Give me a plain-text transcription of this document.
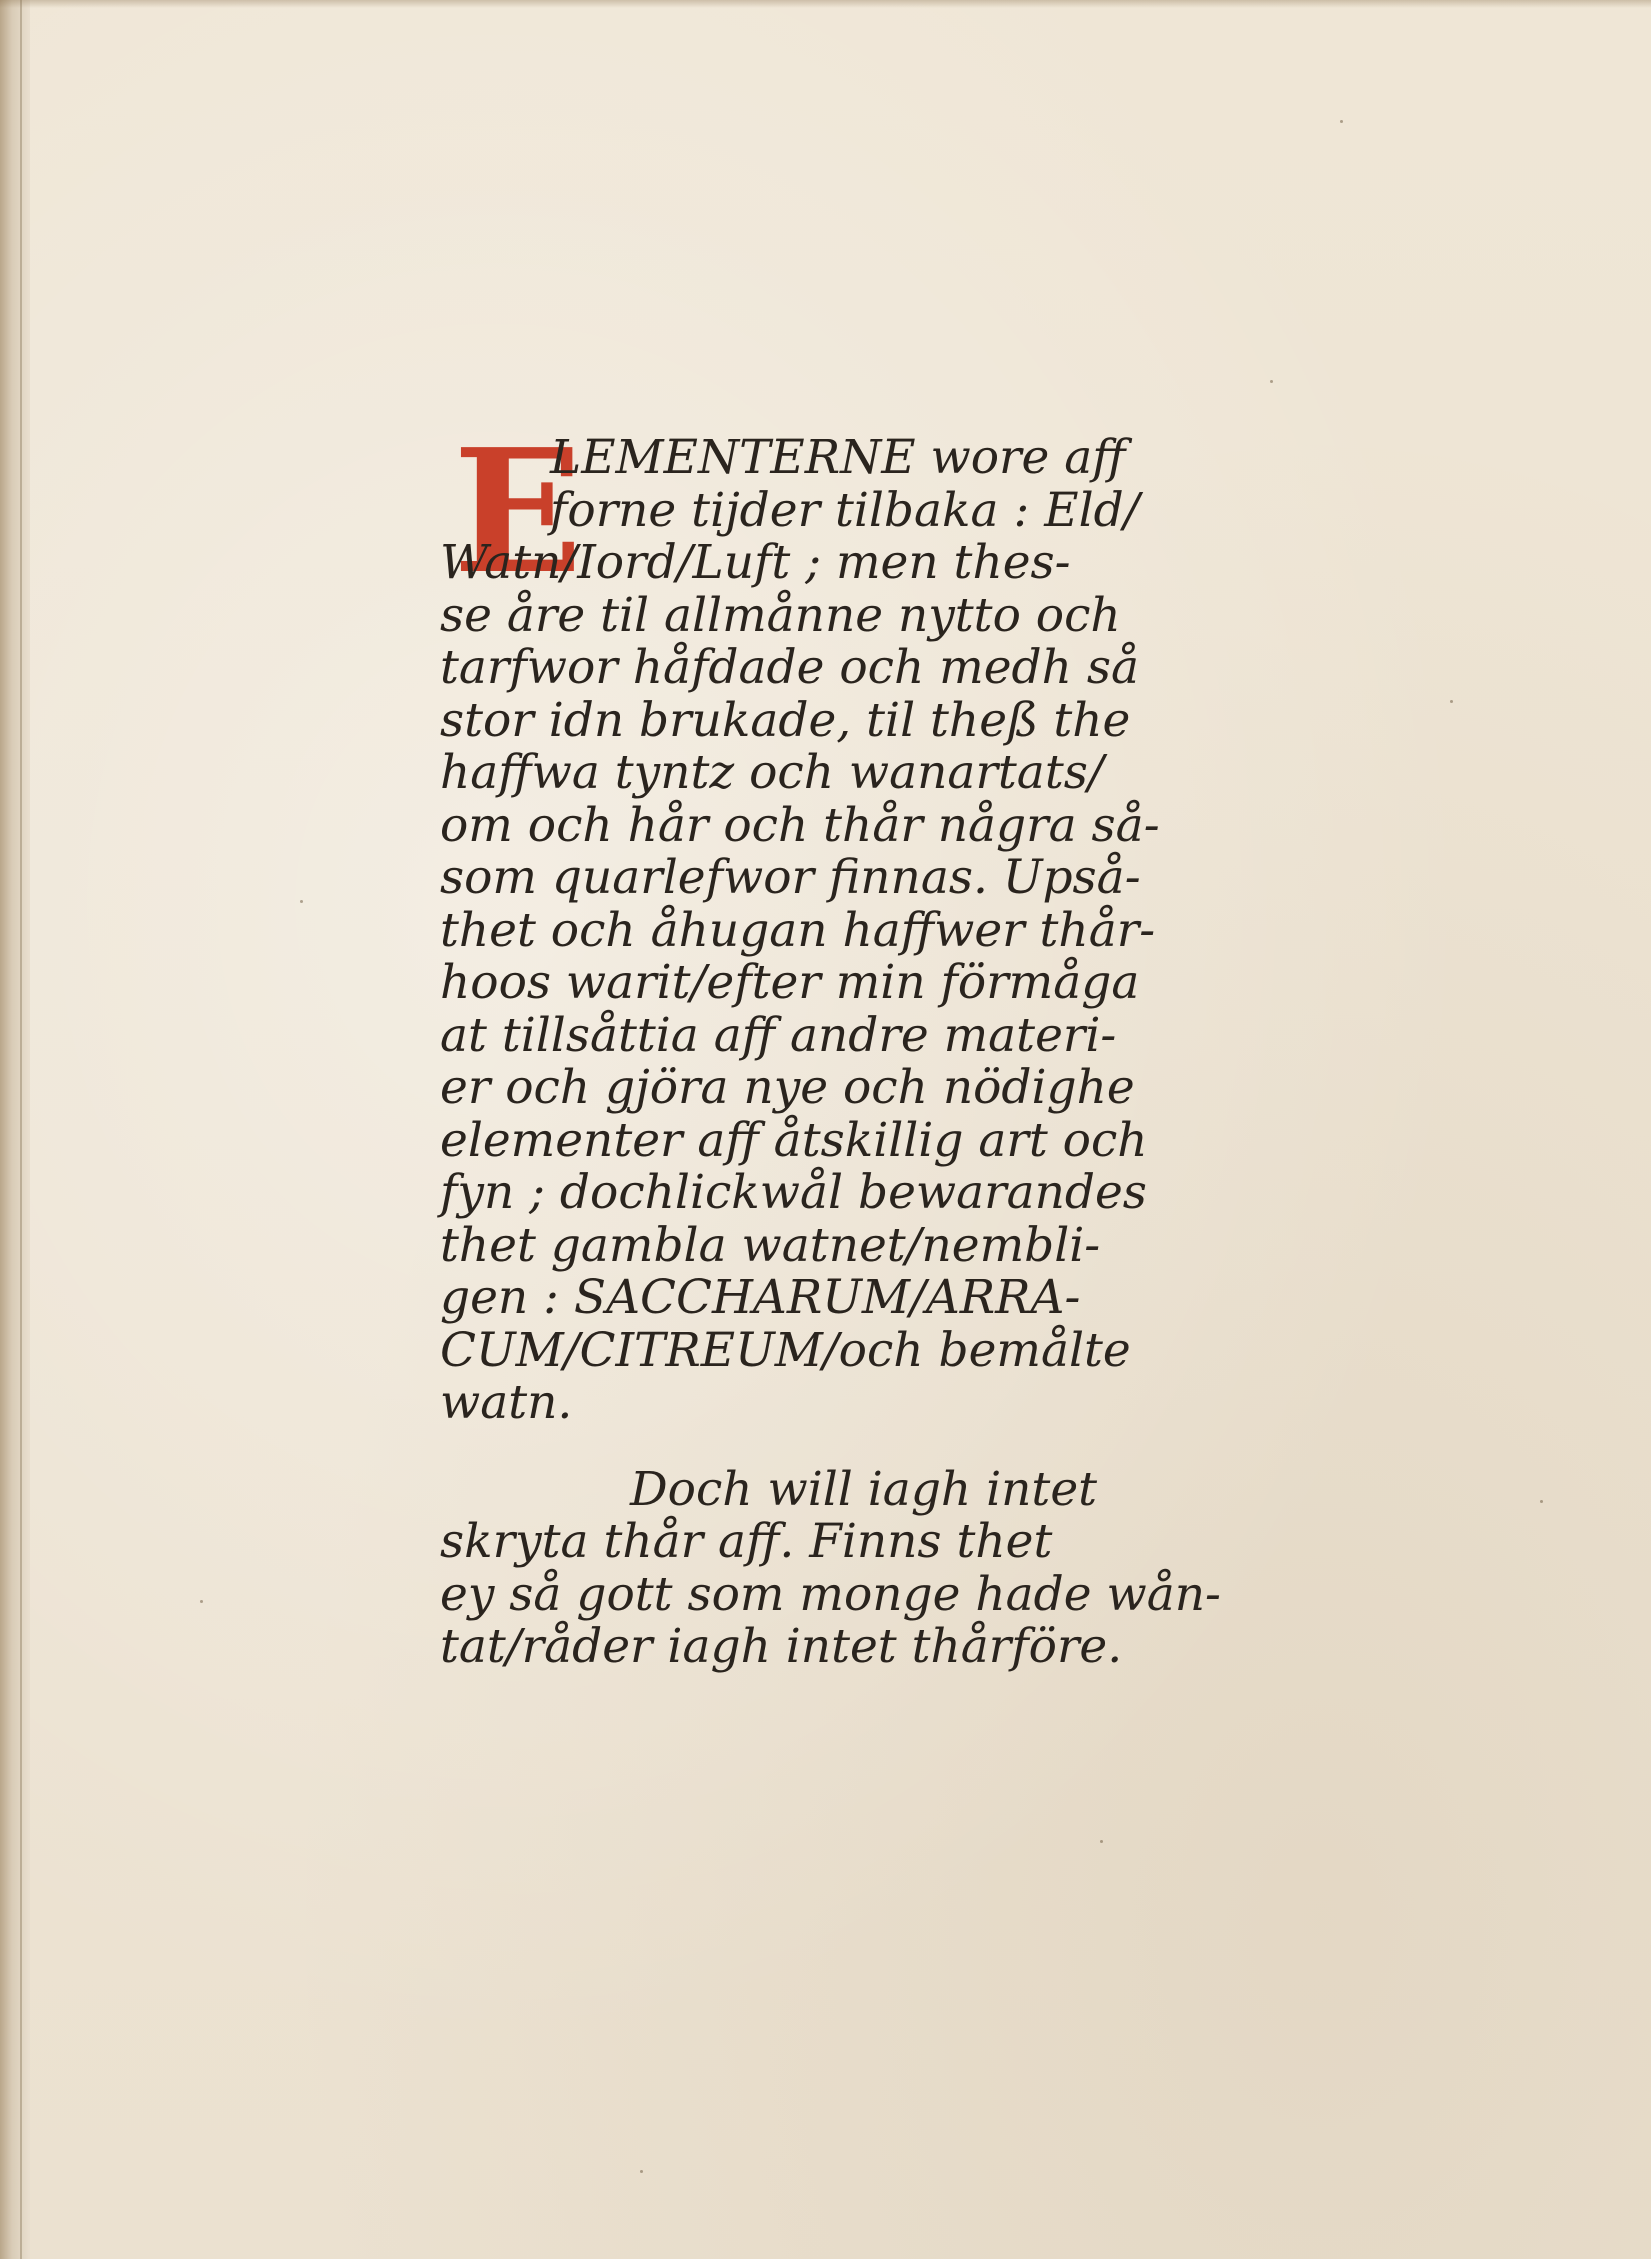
E
LEMENTERNE wore aff
forne tijder tilbaka : Eld/
Watn/Iord/Luft ; men thes-
se åre til allmånne nytto och
tarfwor håfdade och medh så
stor idn brukade, til theß the
haffwa tyntz och wanartats/
om och hår och thår några så-
som quarlefwor finnas. Upså-
thet och åhugan haffwer thår-
hoos warit/efter min förmåga
at tillsåttia aff andre materi-
er och gjöra nye och nödighe
elementer aff åtskillig art och
fyn ; dochlickwål bewarandes
thet gambla watnet/nembli-
gen : SACCHARUM/ARRA-
CUM/CITREUM/och bemålte
watn.
Doch will iagh intet
skryta thår aff. Finns thet
ey så gott som monge hade wån-
tat/råder iagh intet thårföre.
